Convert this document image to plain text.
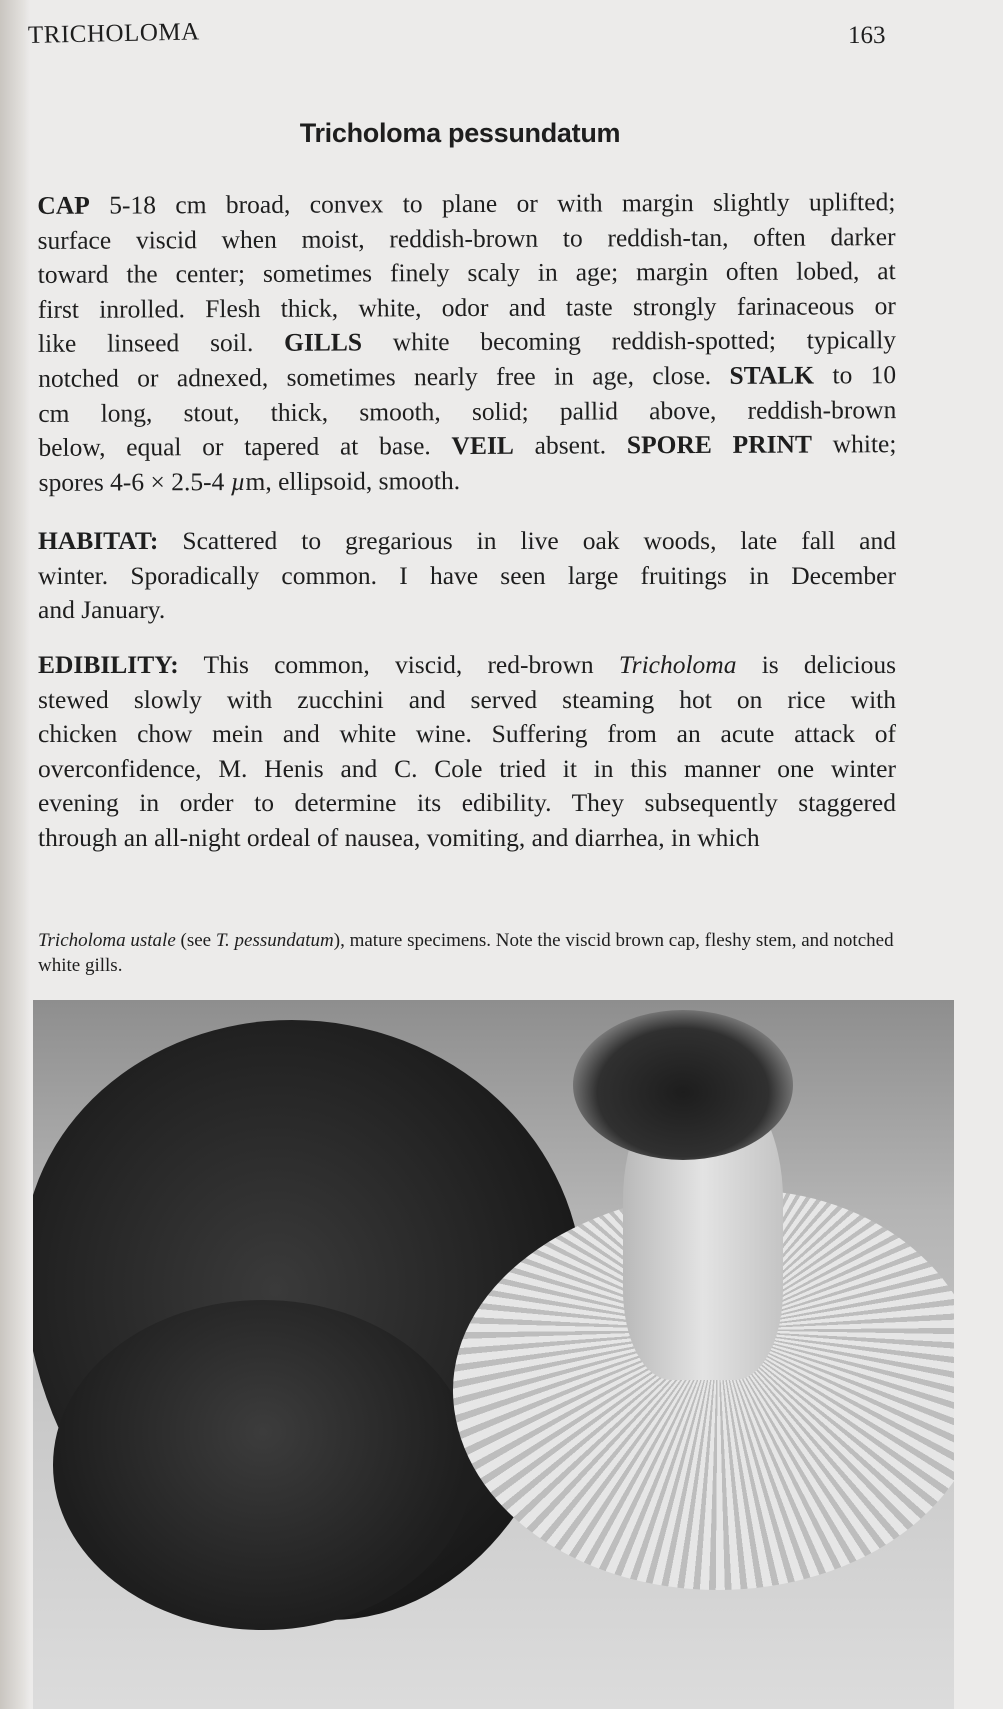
TRICHOLOMA	163
Tricholoma pessundatum
CAP 5-18 cm broad, convex to plane or with margin slightly uplifted;
surface viscid when moist, reddish-brown to reddish-tan, often darker
toward the center; sometimes finely scaly in age; margin often lobed, at
first inrolled. Flesh thick, white, odor and taste strongly farinaceous or
like linseed soil. GILLS white becoming reddish-spotted; typically
notched or adnexed, sometimes nearly free in age, close. STALK to 10
cm long, stout, thick, smooth, solid; pallid above, reddish-brown
below, equal or tapered at base. VEIL absent. SPORE PRINT white;
spores 4-6 × 2.5-4 µm, ellipsoid, smooth.
HABITAT: Scattered to gregarious in live oak woods, late fall and
winter. Sporadically common. I have seen large fruitings in December
and January.
EDIBILITY: This common, viscid, red-brown Tricholoma is delicious
stewed slowly with zucchini and served steaming hot on rice with
chicken chow mein and white wine. Suffering from an acute attack of
overconfidence, M. Henis and C. Cole tried it in this manner one winter
evening in order to determine its edibility. They subsequently staggered
through an all-night ordeal of nausea, vomiting, and diarrhea, in which
Tricholoma ustale (see T. pessundatum), mature specimens. Note the viscid brown cap, fleshy stem, and notched white gills.
